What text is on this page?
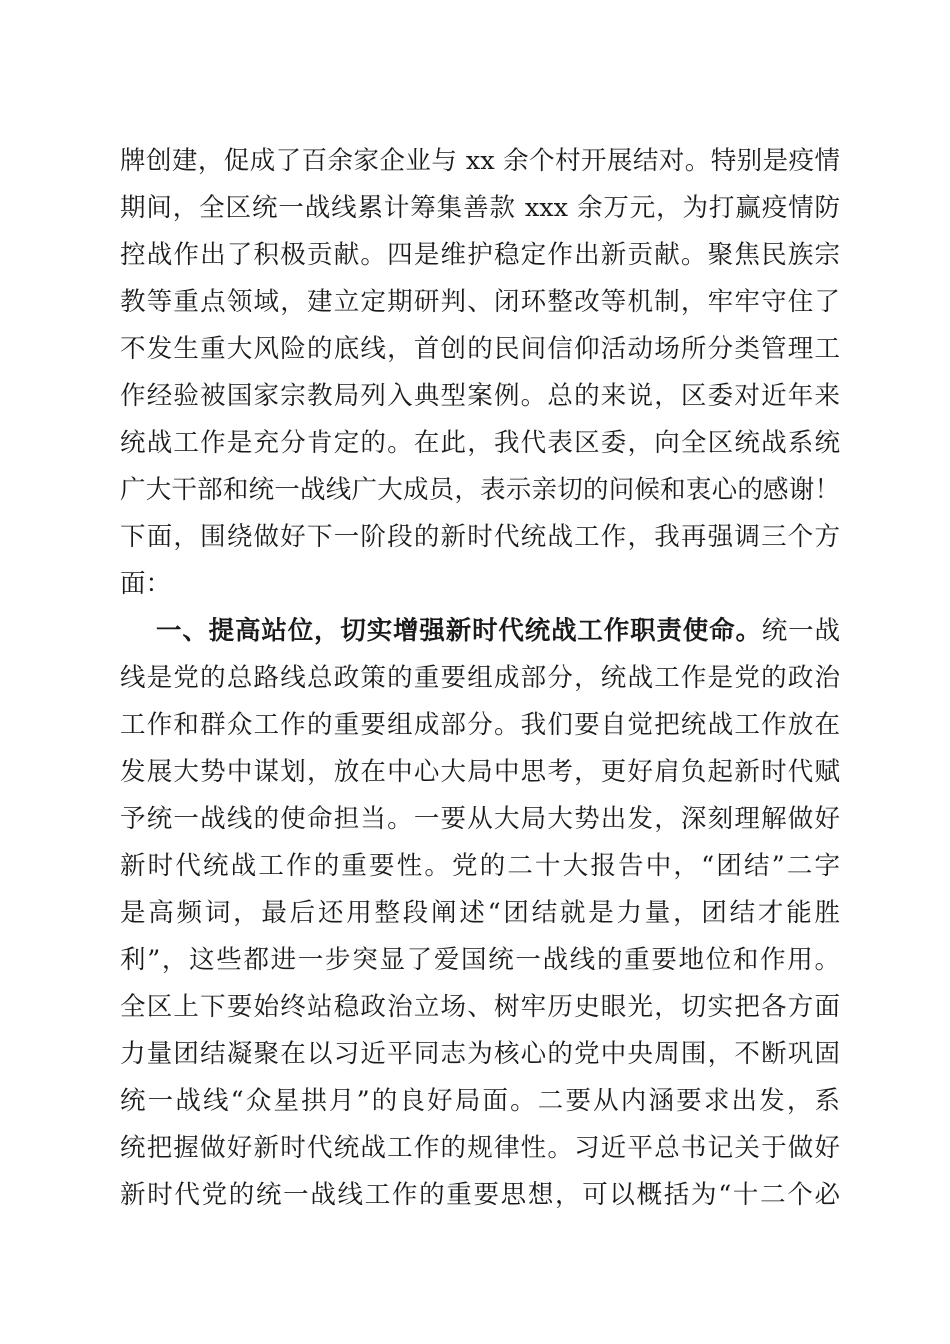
牌创建，促成了百余家企业与 xx 余个村开展结对。特别是疫情
期间，全区统一战线累计筹集善款 xxx 余万元，为打赢疫情防
控战作出了积极贡献。四是维护稳定作出新贡献。聚焦民族宗
教等重点领域，建立定期研判、闭环整改等机制，牢牢守住了
不发生重大风险的底线，首创的民间信仰活动场所分类管理工
作经验被国家宗教局列入典型案例。总的来说，区委对近年来
统战工作是充分肯定的。在此，我代表区委，向全区统战系统
广大干部和统一战线广大成员，表示亲切的问候和衷心的感谢！
下面，围绕做好下一阶段的新时代统战工作，我再强调三个方
面：
一、提高站位，切实增强新时代统战工作职责使命。统一战
线是党的总路线总政策的重要组成部分，统战工作是党的政治
工作和群众工作的重要组成部分。我们要自觉把统战工作放在
发展大势中谋划，放在中心大局中思考，更好肩负起新时代赋
予统一战线的使命担当。一要从大局大势出发，深刻理解做好
新时代统战工作的重要性。党的二十大报告中，“团结”二字
是高频词，最后还用整段阐述“团结就是力量，团结才能胜
利”，这些都进一步突显了爱国统一战线的重要地位和作用。
全区上下要始终站稳政治立场、树牢历史眼光，切实把各方面
力量团结凝聚在以习近平同志为核心的党中央周围，不断巩固
统一战线“众星拱月”的良好局面。二要从内涵要求出发，系
统把握做好新时代统战工作的规律性。习近平总书记关于做好
新时代党的统一战线工作的重要思想，可以概括为“十二个必
